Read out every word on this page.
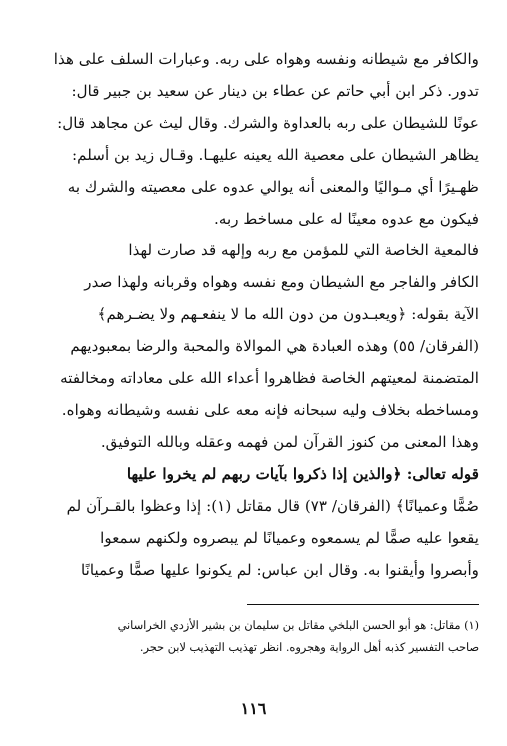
والكافر مع شيطانه ونفسه وهواه على ربه. وعبارات السلف على هذا
تدور. ذكر ابن أبي حاتم عن عطاء بن دينار عن سعيد بن جبير قال:
عونًا للشيطان على ربه بالعداوة والشرك. وقال ليث عن مجاهد قال:
يظاهر الشيطان على معصية الله يعينه عليهـا. وقـال زيد بن أسلم:
ظهـيرًا أي مـواليًا والمعنى أنه يوالي عدوه على معصيته والشرك به
فيكون مع عدوه معينًا له على مساخط ربه.
فالمعية الخاصة التي للمؤمن مع ربه وإلهه قد صارت لهذا
الكافر والفاجر مع الشيطان ومع نفسه وهواه وقربانه ولهذا صدر
الآية بقوله: ﴿ويعبـدون من دون الله ما لا ينفعـهم ولا يضـرهم﴾
(الفرقان/ ٥٥) وهذه العبادة هي الموالاة والمحبة والرضا بمعبوديهم
المتضمنة لمعيتهم الخاصة فظاهروا أعداء الله على معاداته ومخالفته
ومساخطه بخلاف وليه سبحانه فإنه معه على نفسه وشيطانه وهواه.
وهذا المعنى من كنوز القرآن لمن فهمه وعقله وبالله التوفيق.
قوله تعالى: ﴿والذين إذا ذكروا بآيات ربهم لم يخروا عليها
صُمًّا وعميانًا﴾ (الفرقان/ ٧٣) قال مقاتل (١): إذا وعظوا بالقـرآن لم
يقعوا عليه صمًّا لم يسمعوه وعميانًا لم يبصروه ولكنهم سمعوا
وأبصروا وأيقنوا به. وقال ابن عباس: لم يكونوا عليها صمًّا وعميانًا
(١) مقاتل: هو أبو الحسن البلخي مقاتل بن سليمان بن بشير الأزدي الخراساني
صاحب التفسير كذبه أهل الرواية وهجروه. انظر تهذيب التهذيب لابن حجر.
١١٦
